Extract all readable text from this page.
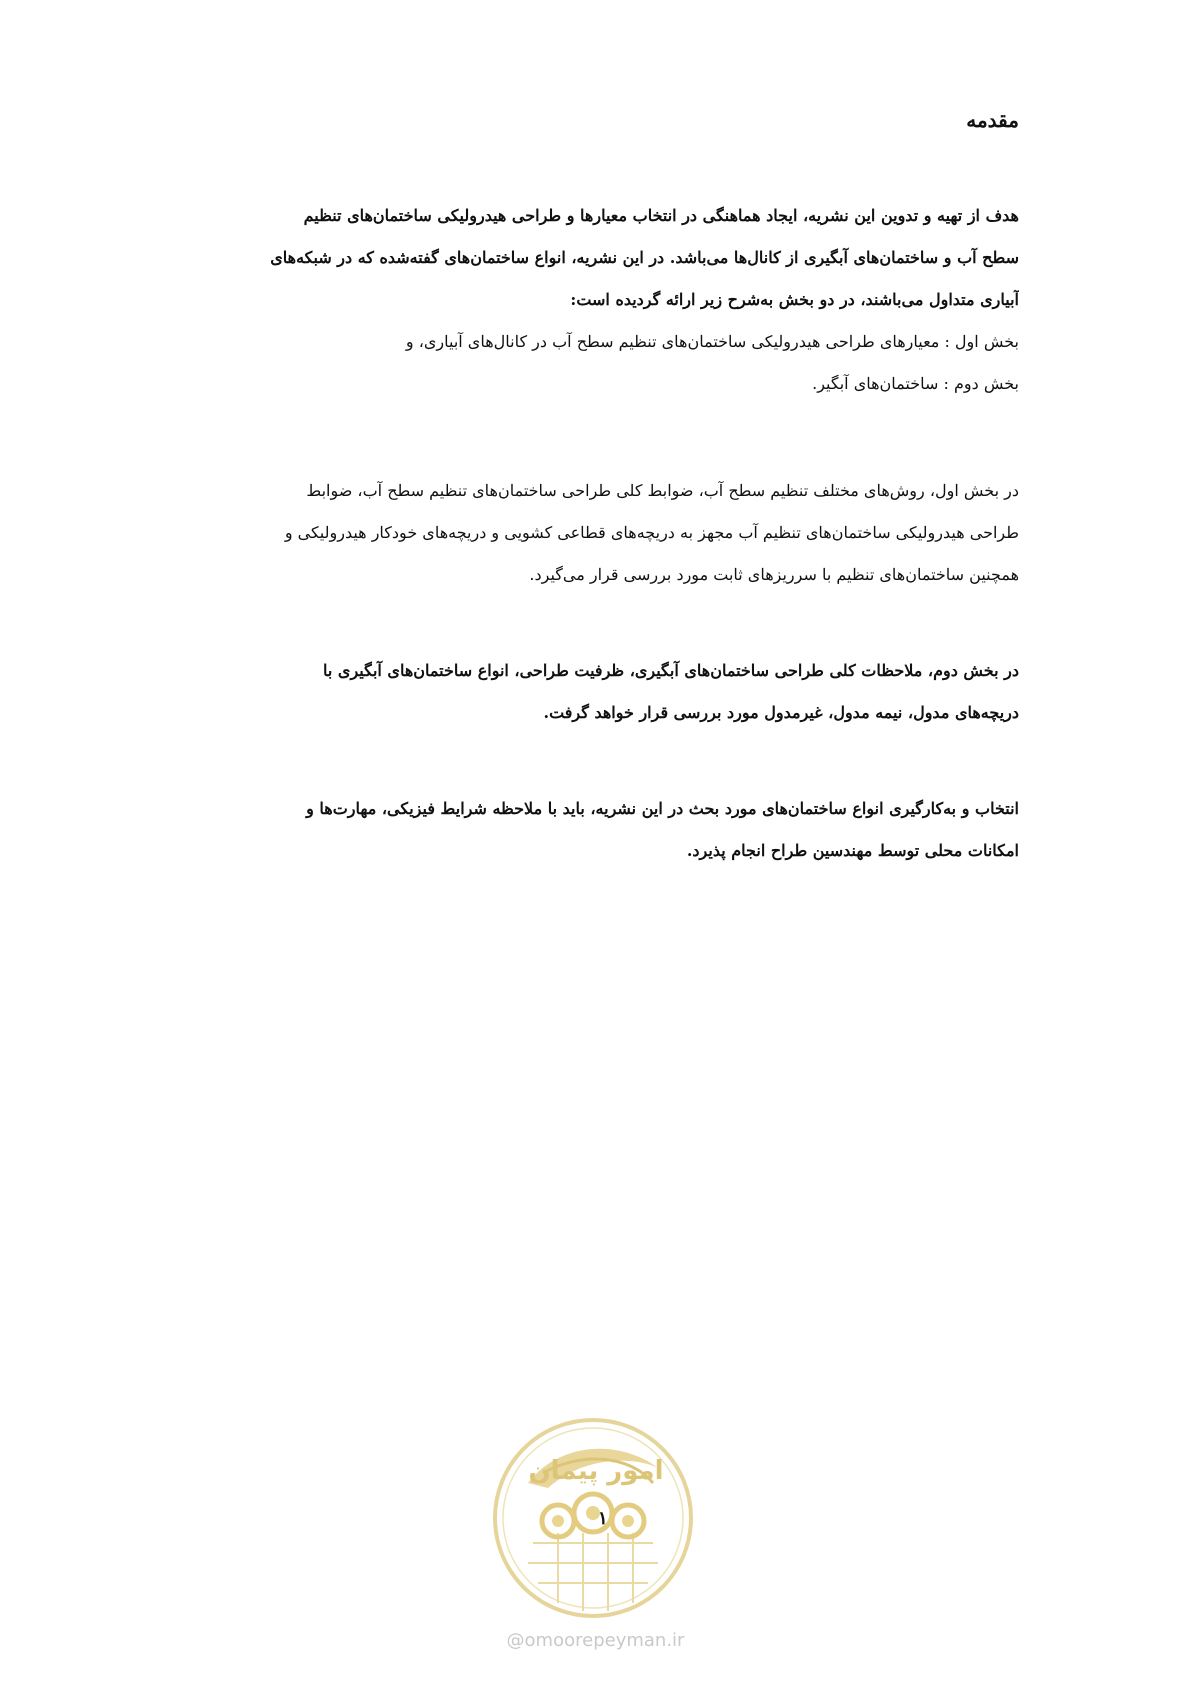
مقدمه
هدف از تهیه و تدوین این نشریه، ایجاد هماهنگی در انتخاب معیارها و طراحی هیدرولیکی ساختمان‌های تنظیم
سطح آب و ساختمان‌های آبگیری از کانال‌ها می‌باشد. در این نشریه، انواع ساختمان‌های گفته‌شده که در شبکه‌های
آبیاری متداول می‌باشند، در دو بخش به‌شرح زیر ارائه گردیده است:
بخش اول : معیارهای طراحی هیدرولیکی ساختمان‌های تنظیم سطح آب در کانال‌های آبیاری، و
بخش دوم : ساختمان‌های آبگیر.
در بخش اول، روش‌های مختلف تنظیم سطح آب، ضوابط کلی طراحی ساختمان‌های تنظیم سطح آب، ضوابط
طراحی هیدرولیکی ساختمان‌های تنظیم آب مجهز به دریچه‌های قطاعی کشویی و دریچه‌های خودکار هیدرولیکی و
همچنین ساختمان‌های تنظیم با سرریزهای ثابت مورد بررسی قرار می‌گیرد.
در بخش دوم، ملاحظات کلی طراحی ساختمان‌های آبگیری، ظرفیت طراحی، انواع ساختمان‌های آبگیری با
دریچه‌های مدول، نیمه مدول، غیرمدول مورد بررسی قرار خواهد گرفت.
انتخاب و به‌کارگیری انواع ساختمان‌های مورد بحث در این نشریه، باید با ملاحظه شرایط فیزیکی، مهارت‌ها و
امکانات محلی توسط مهندسین طراح انجام پذیرد.
امور پیمان
۱
@omoorepeyman.ir
